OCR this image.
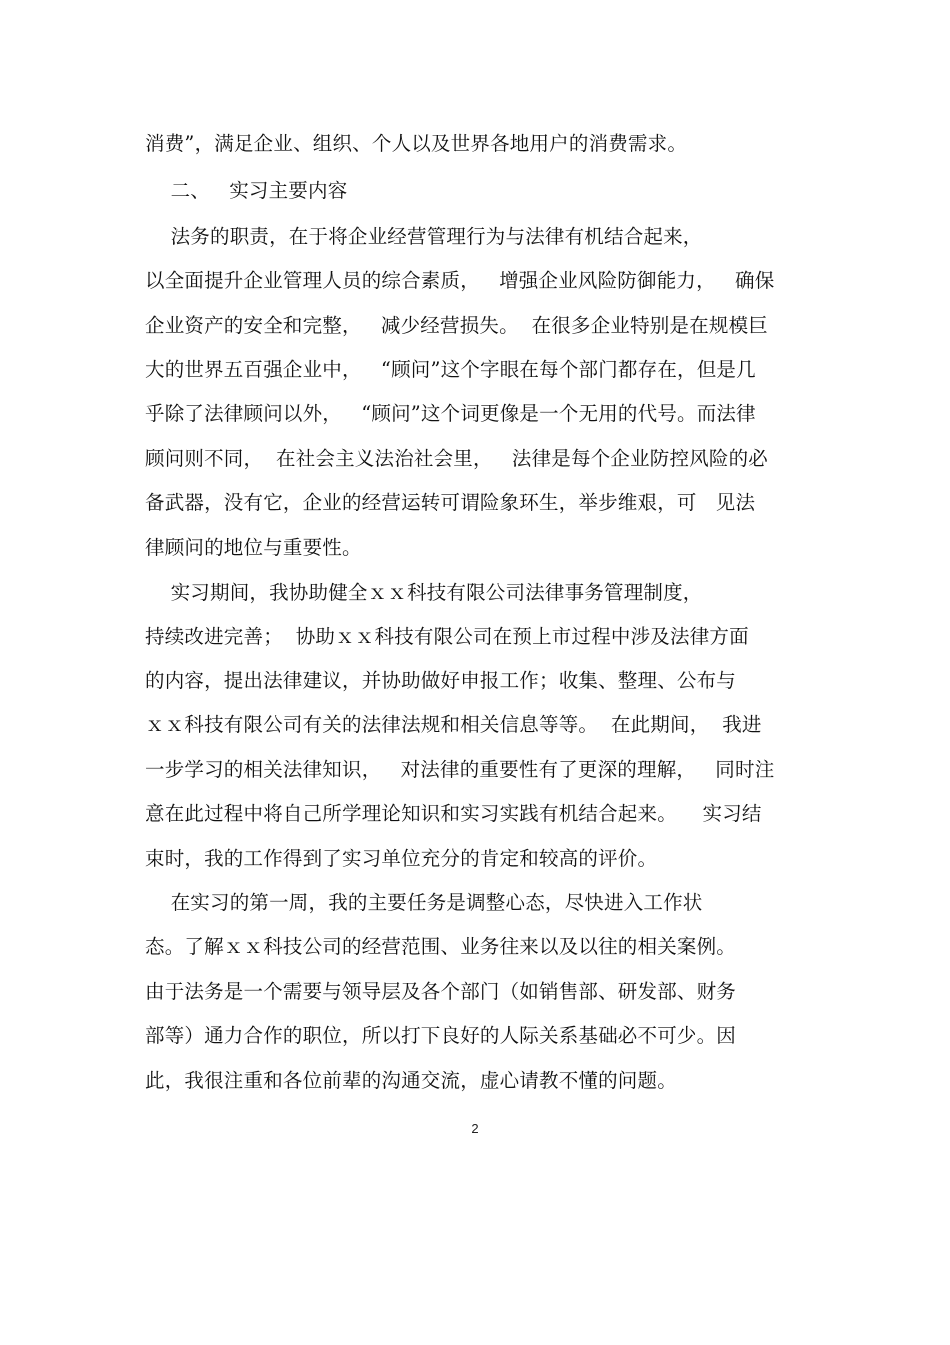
消费”，满足企业、组织、个人以及世界各地用户的消费需求。
二、   实习主要内容
法务的职责，在于将企业经营管理行为与法律有机结合起来，
以全面提升企业管理人员的综合素质，   增强企业风险防御能力，   确保
企业资产的安全和完整，   减少经营损失。  在很多企业特别是在规模巨
大的世界五百强企业中，   “顾问”这个字眼在每个部门都存在，但是几
乎除了法律顾问以外，   “顾问”这个词更像是一个无用的代号。而法律
顾问则不同，  在社会主义法治社会里，   法律是每个企业防控风险的必
备武器，没有它，企业的经营运转可谓险象环生，举步维艰，可   见法
律顾问的地位与重要性。
实习期间，我协助健全ｘｘ科技有限公司法律事务管理制度，
持续改进完善；  协助ｘｘ科技有限公司在预上市过程中涉及法律方面
的内容，提出法律建议，并协助做好申报工作；收集、整理、公布与
ｘｘ科技有限公司有关的法律法规和相关信息等等。  在此期间，  我进
一步学习的相关法律知识，   对法律的重要性有了更深的理解，   同时注
意在此过程中将自己所学理论知识和实习实践有机结合起来。    实习结
束时，我的工作得到了实习单位充分的肯定和较高的评价。
在实习的第一周，我的主要任务是调整心态，尽快进入工作状
态。了解ｘｘ科技公司的经营范围、业务往来以及以往的相关案例。
由于法务是一个需要与领导层及各个部门（如销售部、研发部、财务
部等）通力合作的职位，所以打下良好的人际关系基础必不可少。因
此，我很注重和各位前辈的沟通交流，虚心请教不懂的问题。
2
